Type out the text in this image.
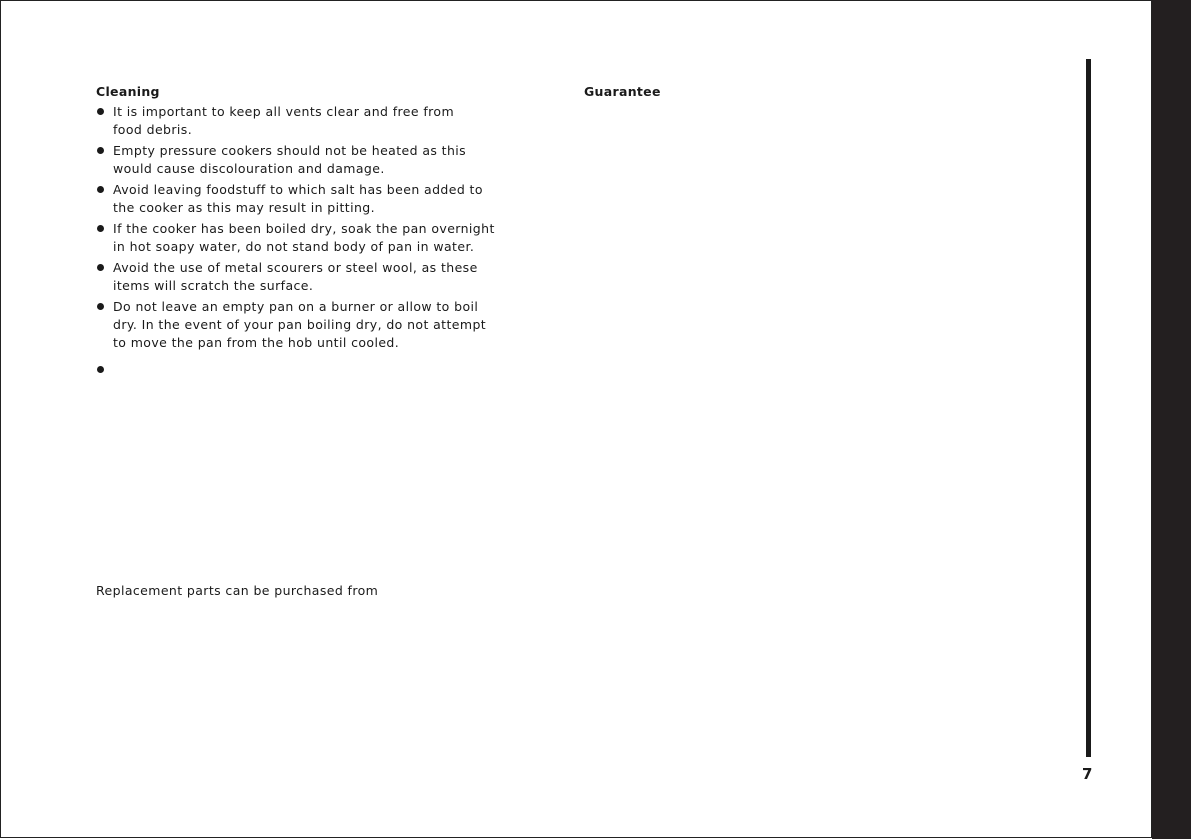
Cleaning
It is important to keep all vents clear and free from
food debris.
Empty pressure cookers should not be heated as this
would cause discolouration and damage.
Avoid leaving foodstuff to which salt has been added to
the cooker as this may result in pitting.
If the cooker has been boiled dry, soak the pan overnight
in hot soapy water, do not stand body of pan in water.
Avoid the use of metal scourers or steel wool, as these
items will scratch the surface.
Do not leave an empty pan on a burner or allow to boil
dry. In the event of your pan boiling dry, do not attempt
to move the pan from the hob until cooled.
Replacement parts can be purchased from
Guarantee
7
